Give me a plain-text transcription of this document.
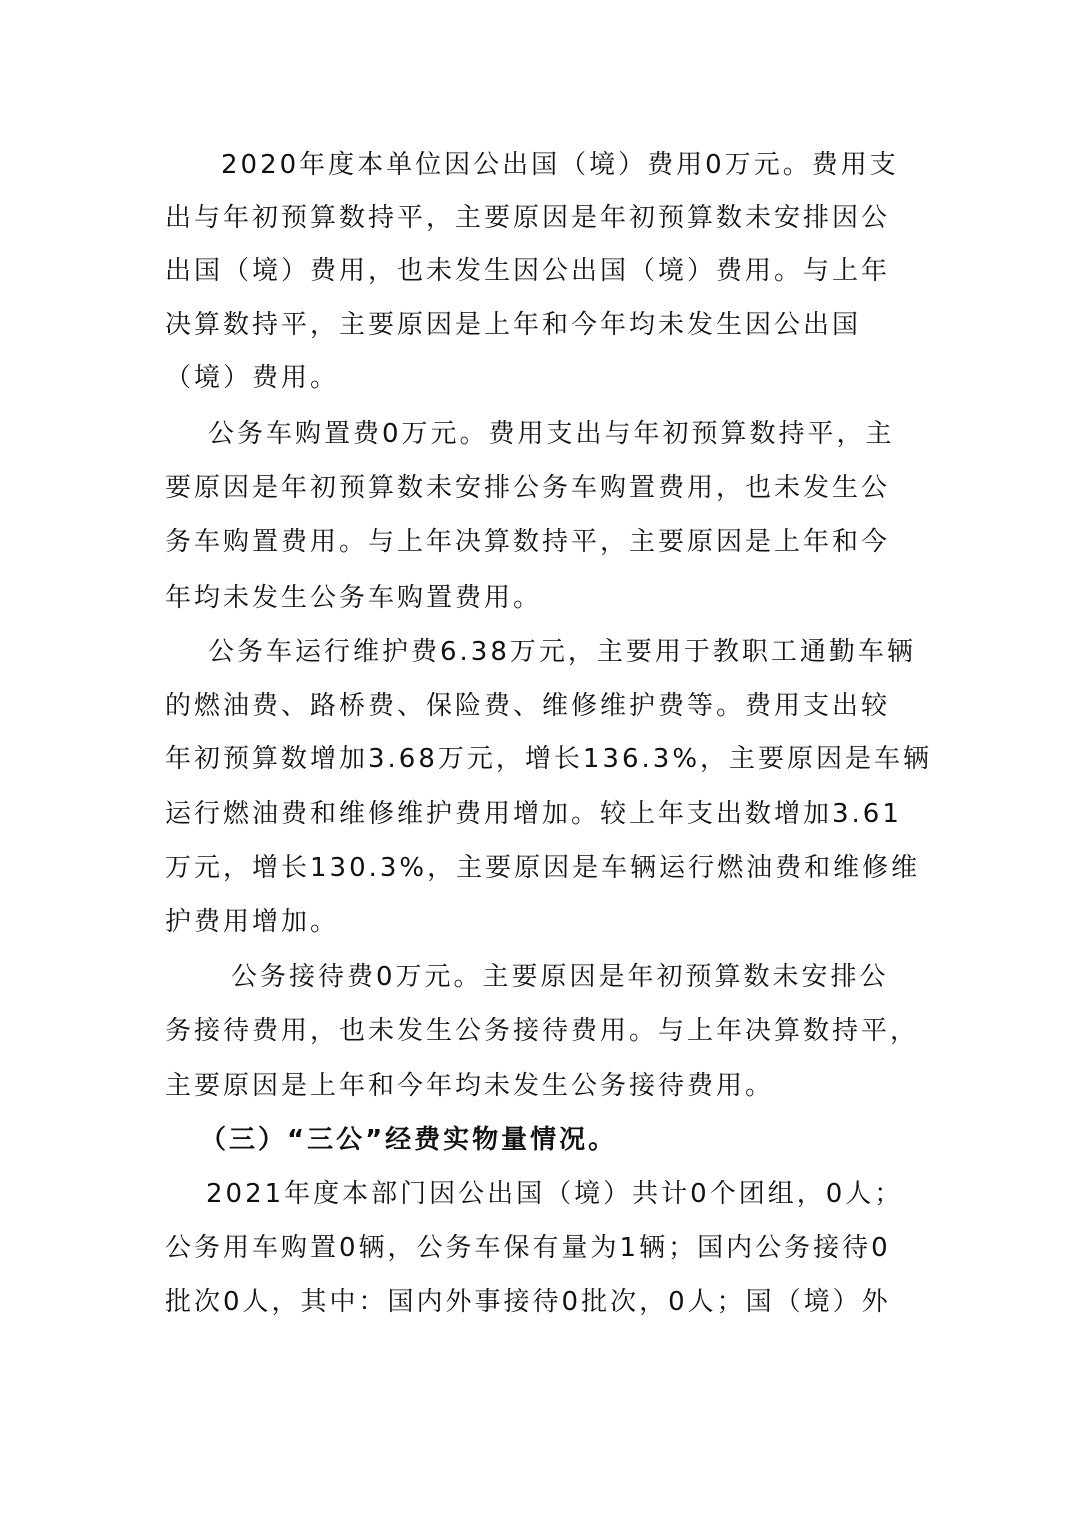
2020年度本单位因公出国（境）费用0万元。费用支
出与年初预算数持平，主要原因是年初预算数未安排因公
出国（境）费用，也未发生因公出国（境）费用。与上年
决算数持平，主要原因是上年和今年均未发生因公出国
（境）费用。
公务车购置费0万元。费用支出与年初预算数持平，主
要原因是年初预算数未安排公务车购置费用，也未发生公
务车购置费用。与上年决算数持平，主要原因是上年和今
年均未发生公务车购置费用。
公务车运行维护费6.38万元，主要用于教职工通勤车辆
的燃油费、路桥费、保险费、维修维护费等。费用支出较
年初预算数增加3.68万元，增长136.3%，主要原因是车辆
运行燃油费和维修维护费用增加。较上年支出数增加3.61
万元，增长130.3%，主要原因是车辆运行燃油费和维修维
护费用增加。
公务接待费0万元。主要原因是年初预算数未安排公
务接待费用，也未发生公务接待费用。与上年决算数持平，
主要原因是上年和今年均未发生公务接待费用。
（三）“三公”经费实物量情况。
2021年度本部门因公出国（境）共计0个团组，0人；
公务用车购置0辆，公务车保有量为1辆；国内公务接待0
批次0人，其中：国内外事接待0批次，0人；国（境）外
